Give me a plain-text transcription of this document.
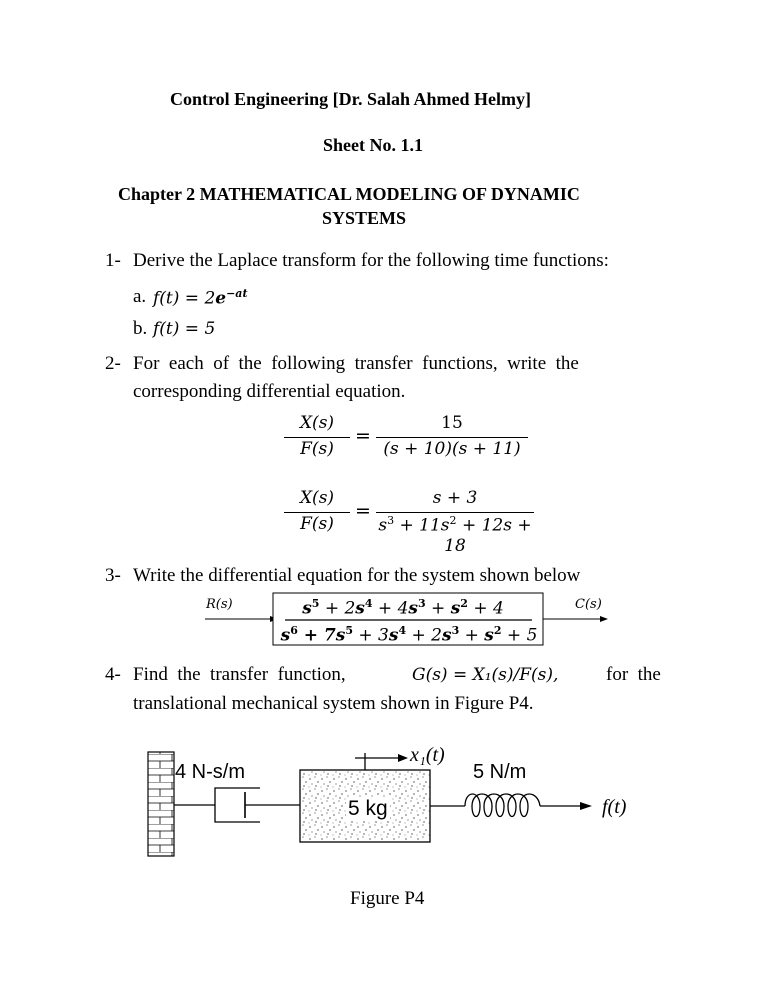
Control Engineering [Dr. Salah Ahmed Helmy]
Sheet No. 1.1
Chapter 2 MATHEMATICAL MODELING OF DYNAMIC
SYSTEMS
1- Derive the Laplace transform for the following time functions:
a. $f(t) = 2e^{-at}$
b. f(t) = 5
2- For  each  of  the  following  transfer  functions,  write  the
corresponding differential equation.
X(s)
F(s)
=
15
(s + 10)(s + 11)
X(s)
F(s)
=
s + 3
$s^3 + 11s^2 + 12s + 18$
3- Write the differential equation for the system shown below
R(s)	C(s)
$s^5 + 2s^4 + 4s^3 + s^2 + 4$
$s^6 + 7s^5 + 3s^4 + 2s^3 + s^2 + 5$
4- Find  the  transfer  function,	G(s) = X₁(s)/F(s),	for  the
translational mechanical system shown in Figure P4.
4 N-s/m
5 kg
5 N/m
x₁(t)
f(t)
Figure P4
